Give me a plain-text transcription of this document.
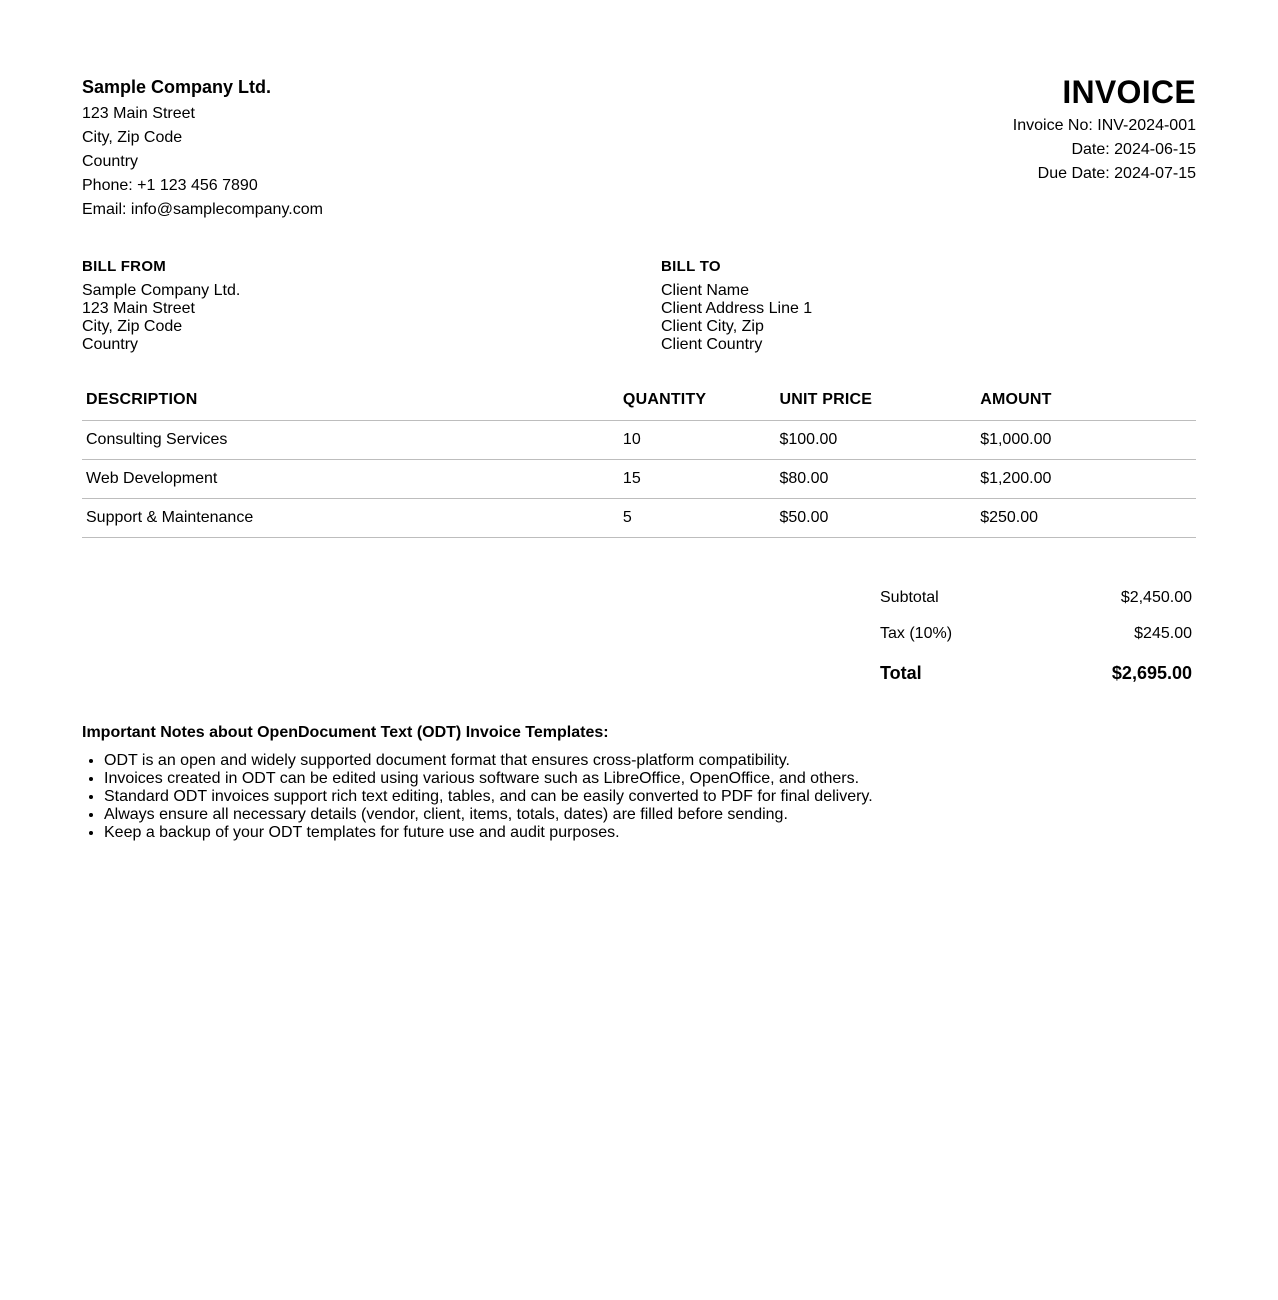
Sample Company Ltd.
123 Main Street
City, Zip Code
Country
Phone: +1 123 456 7890
Email: info@samplecompany.com
INVOICE
Invoice No: INV-2024-001
Date: 2024-06-15
Due Date: 2024-07-15
BILL FROM
Sample Company Ltd.
123 Main Street
City, Zip Code
Country
BILL TO
Client Name
Client Address Line 1
Client City, Zip
Client Country
DESCRIPTION	QUANTITY	UNIT PRICE	AMOUNT
Consulting Services	10	$100.00	$1,000.00
Web Development	15	$80.00	$1,200.00
Support & Maintenance	5	$50.00	$250.00
Subtotal	$2,450.00
Tax (10%)	$245.00
Total	$2,695.00
Important Notes about OpenDocument Text (ODT) Invoice Templates:
• ODT is an open and widely supported document format that ensures cross-platform compatibility.
• Invoices created in ODT can be edited using various software such as LibreOffice, OpenOffice, and others.
• Standard ODT invoices support rich text editing, tables, and can be easily converted to PDF for final delivery.
• Always ensure all necessary details (vendor, client, items, totals, dates) are filled before sending.
• Keep a backup of your ODT templates for future use and audit purposes.
